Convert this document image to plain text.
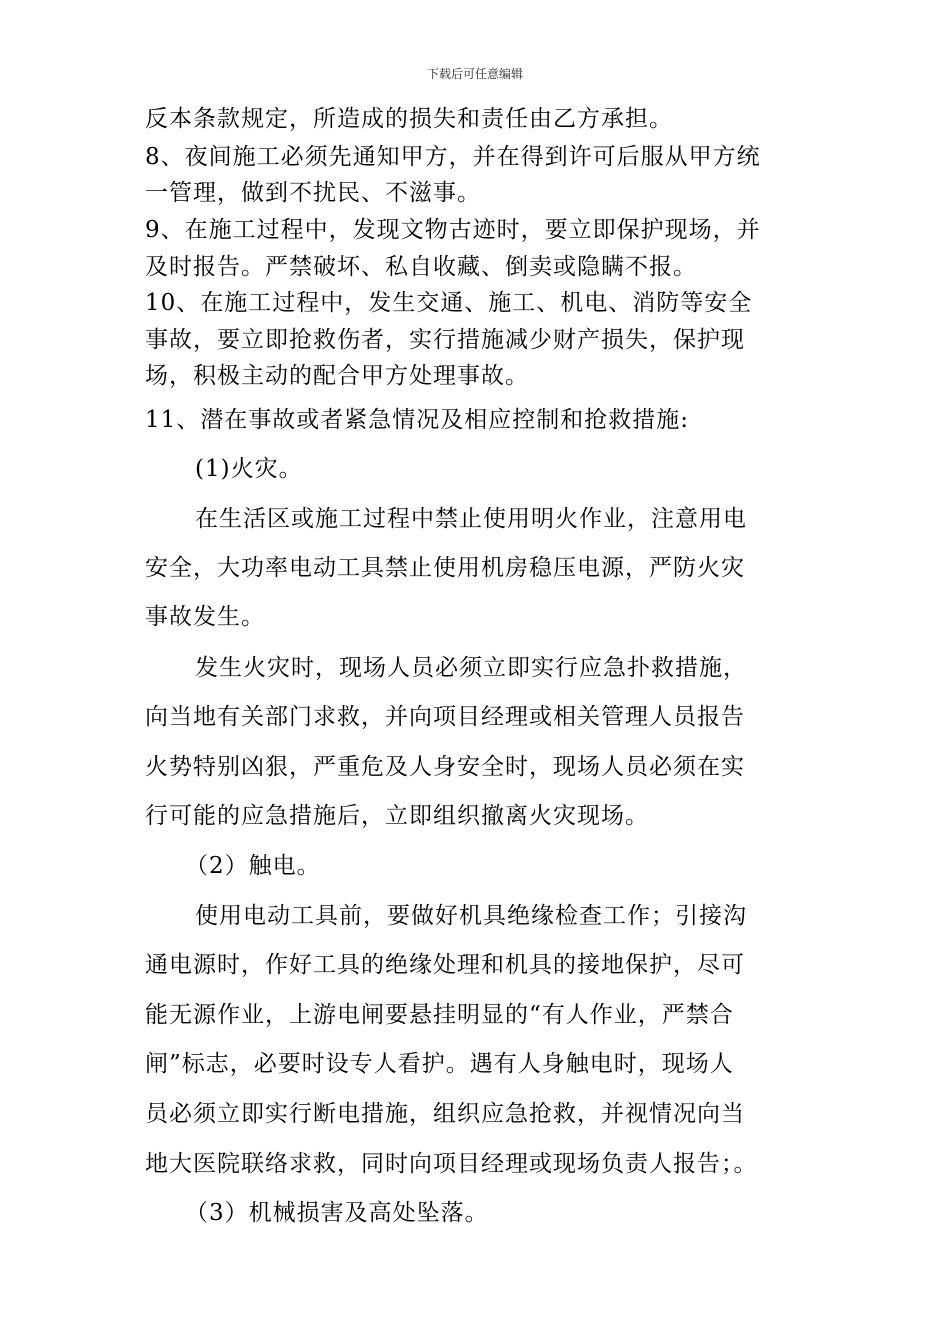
下载后可任意编辑
反本条款规定，所造成的损失和责任由乙方承担。
8、夜间施工必须先通知甲方，并在得到许可后服从甲方统
一管理，做到不扰民、不滋事。
9、在施工过程中，发现文物古迹时，要立即保护现场，并
及时报告。严禁破坏、私自收藏、倒卖或隐瞒不报。
10、在施工过程中，发生交通、施工、机电、消防等安全
事故，要立即抢救伤者，实行措施减少财产损失，保护现
场，积极主动的配合甲方处理事故。
11、潜在事故或者紧急情况及相应控制和抢救措施:
(1)火灾。
在生活区或施工过程中禁止使用明火作业，注意用电
安全，大功率电动工具禁止使用机房稳压电源，严防火灾
事故发生。
发生火灾时，现场人员必须立即实行应急扑救措施，
向当地有关部门求救，并向项目经理或相关管理人员报告
火势特别凶狠，严重危及人身安全时，现场人员必须在实
行可能的应急措施后，立即组织撤离火灾现场。
（2）触电。
使用电动工具前，要做好机具绝缘检查工作；引接沟
通电源时，作好工具的绝缘处理和机具的接地保护，尽可
能无源作业，上游电闸要悬挂明显的“有人作业，严禁合
闸”标志，必要时设专人看护。遇有人身触电时，现场人
员必须立即实行断电措施，组织应急抢救，并视情况向当
地大医院联络求救，同时向项目经理或现场负责人报告；。
（3）机械损害及高处坠落。
